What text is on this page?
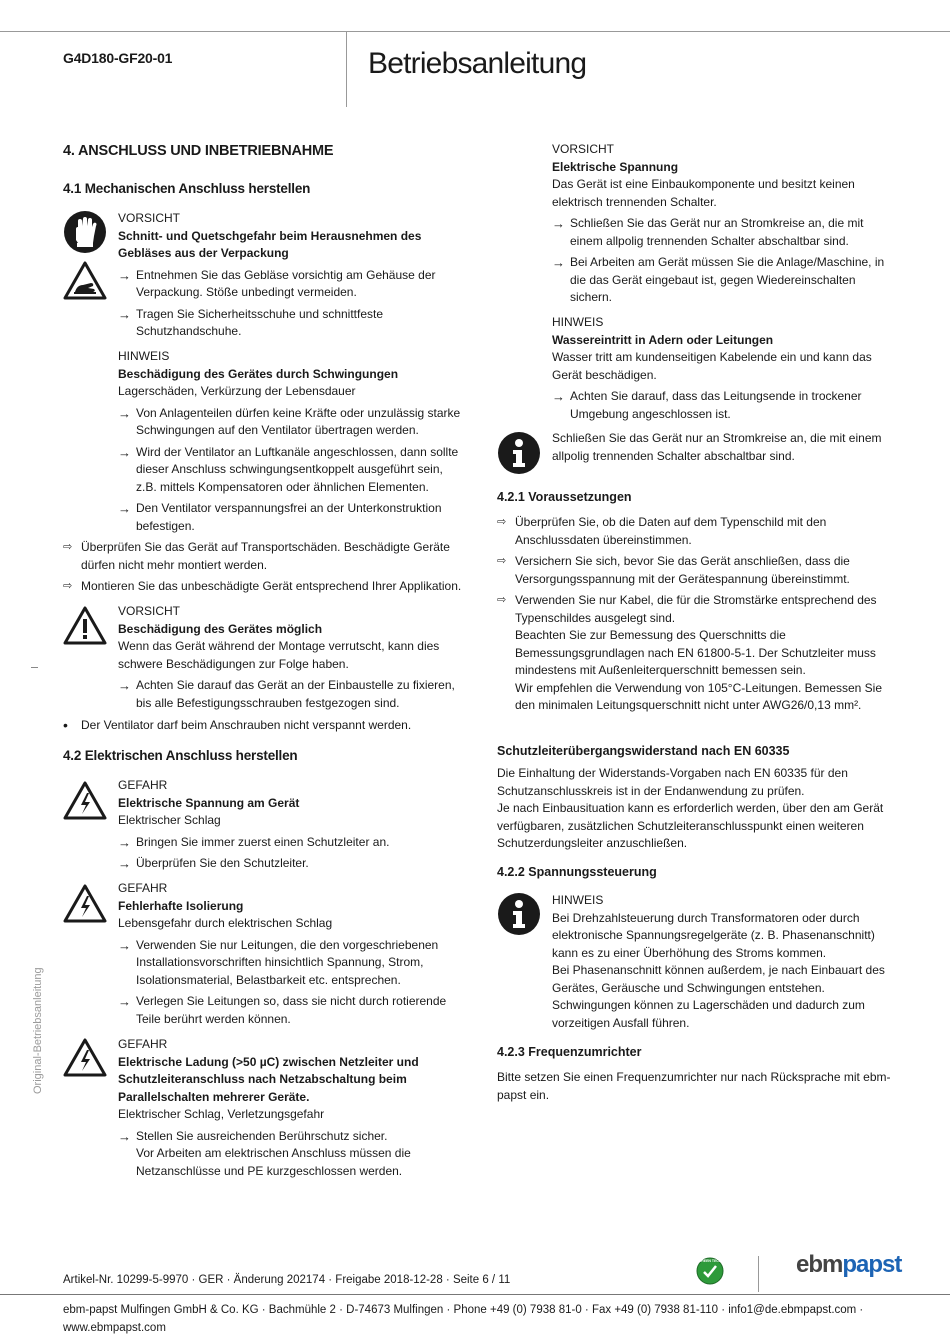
G4D180-GF20-01	Betriebsanleitung
Original-Betriebsanleitung
4. ANSCHLUSS UND INBETRIEBNAHME
4.1 Mechanischen Anschluss herstellen

VORSICHT

Schnitt- und Quetschgefahr beim Herausnehmen des Gebläses aus der Verpackung

→ Entnehmen Sie das Gebläse vorsichtig am Gehäuse der Verpackung. Stöße unbedingt vermeiden.

→ Tragen Sie Sicherheitsschuhe und schnittfeste Schutzhandschuhe.

HINWEIS

Beschädigung des Gerätes durch Schwingungen

Lagerschäden, Verkürzung der Lebensdauer

→ Von Anlagenteilen dürfen keine Kräfte oder unzulässig starke Schwingungen auf den Ventilator übertragen werden.

→ Wird der Ventilator an Luftkanäle angeschlossen, dann sollte dieser Anschluss schwingungsentkoppelt ausgeführt sein, z.B. mittels Kompensatoren oder ähnlichen Elementen.

→ Den Ventilator verspannungsfrei an der Unterkonstruktion befestigen.

⇨ Überprüfen Sie das Gerät auf Transportschäden. Beschädigte Geräte dürfen nicht mehr montiert werden.

⇨ Montieren Sie das unbeschädigte Gerät entsprechend Ihrer Applikation.

VORSICHT

Beschädigung des Gerätes möglich

Wenn das Gerät während der Montage verrutscht, kann dies schwere Beschädigungen zur Folge haben.

→ Achten Sie darauf das Gerät an der Einbaustelle zu fixieren, bis alle Befestigungsschrauben festgezogen sind.

• Der Ventilator darf beim Anschrauben nicht verspannt werden.

4.2 Elektrischen Anschluss herstellen

GEFAHR

Elektrische Spannung am Gerät

Elektrischer Schlag

→ Bringen Sie immer zuerst einen Schutzleiter an.

→ Überprüfen Sie den Schutzleiter.

GEFAHR

Fehlerhafte Isolierung

Lebensgefahr durch elektrischen Schlag

→ Verwenden Sie nur Leitungen, die den vorgeschriebenen Installationsvorschriften hinsichtlich Spannung, Strom, Isolationsmaterial, Belastbarkeit etc. entsprechen.

→ Verlegen Sie Leitungen so, dass sie nicht durch rotierende Teile berührt werden können.

GEFAHR

Elektrische Ladung (>50 µC) zwischen Netzleiter und Schutzleiteranschluss nach Netzabschaltung beim Parallelschalten mehrerer Geräte.

Elektrischer Schlag, Verletzungsgefahr

→ Stellen Sie ausreichenden Berührschutz sicher.
Vor Arbeiten am elektrischen Anschluss müssen die Netzanschlüsse und PE kurzgeschlossen werden.

VORSICHT

Elektrische Spannung

Das Gerät ist eine Einbaukomponente und besitzt keinen elektrisch trennenden Schalter.

→ Schließen Sie das Gerät nur an Stromkreise an, die mit einem allpolig trennenden Schalter abschaltbar sind.

→ Bei Arbeiten am Gerät müssen Sie die Anlage/Maschine, in die das Gerät eingebaut ist, gegen Wiedereinschalten sichern.

HINWEIS

Wassereintritt in Adern oder Leitungen

Wasser tritt am kundenseitigen Kabelende ein und kann das Gerät beschädigen.

→ Achten Sie darauf, dass das Leitungsende in trockener Umgebung angeschlossen ist.

Schließen Sie das Gerät nur an Stromkreise an, die mit einem allpolig trennenden Schalter abschaltbar sind.

4.2.1 Voraussetzungen

⇨ Überprüfen Sie, ob die Daten auf dem Typenschild mit den Anschlussdaten übereinstimmen.

⇨ Versichern Sie sich, bevor Sie das Gerät anschließen, dass die Versorgungsspannung mit der Gerätespannung übereinstimmt.

⇨ Verwenden Sie nur Kabel, die für die Stromstärke entsprechend des Typenschildes ausgelegt sind.

Beachten Sie zur Bemessung des Querschnitts die Bemessungsgrundlagen nach EN 61800-5-1. Der Schutzleiter muss mindestens mit Außenleiterquerschnitt bemessen sein.

Wir empfehlen die Verwendung von 105°C-Leitungen. Bemessen Sie den minimalen Leitungsquerschnitt nicht unter AWG26/0,13 mm².

Schutzleiterübergangswiderstand nach EN 60335

Die Einhaltung der Widerstands-Vorgaben nach EN 60335 für den Schutzanschlusskreis ist in der Endanwendung zu prüfen.

Je nach Einbausituation kann es erforderlich werden, über den am Gerät verfügbaren, zusätzlichen Schutzleiteranschlusspunkt einen weiteren Schutzerdungsleiter anzuschließen.

4.2.2 Spannungssteuerung

HINWEIS

Bei Drehzahlsteuerung durch Transformatoren oder durch elektronische Spannungsregelgeräte (z. B. Phasenanschnitt) kann es zu einer Überhöhung des Stroms kommen.

Bei Phasenanschnitt können außerdem, je nach Einbauart des Gerätes, Geräusche und Schwingungen entstehen. Schwingungen können zu Lagerschäden und dadurch zum vorzeitigen Ausfall führen.

4.2.3 Frequenzumrichter

Bitte setzen Sie einen Frequenzumrichter nur nach Rücksprache mit ebm-papst ein.

Artikel-Nr. 10299-5-9970 · GER · Änderung 202174 · Freigabe 2018-12-28 · Seite 6 / 11
GREEN TECH	ebmpapst
ebm-papst Mulfingen GmbH & Co. KG · Bachmühle 2 · D-74673 Mulfingen · Phone +49 (0) 7938 81-0 · Fax +49 (0) 7938 81-110 · info1@de.ebmpapst.com · www.ebmpapst.com
